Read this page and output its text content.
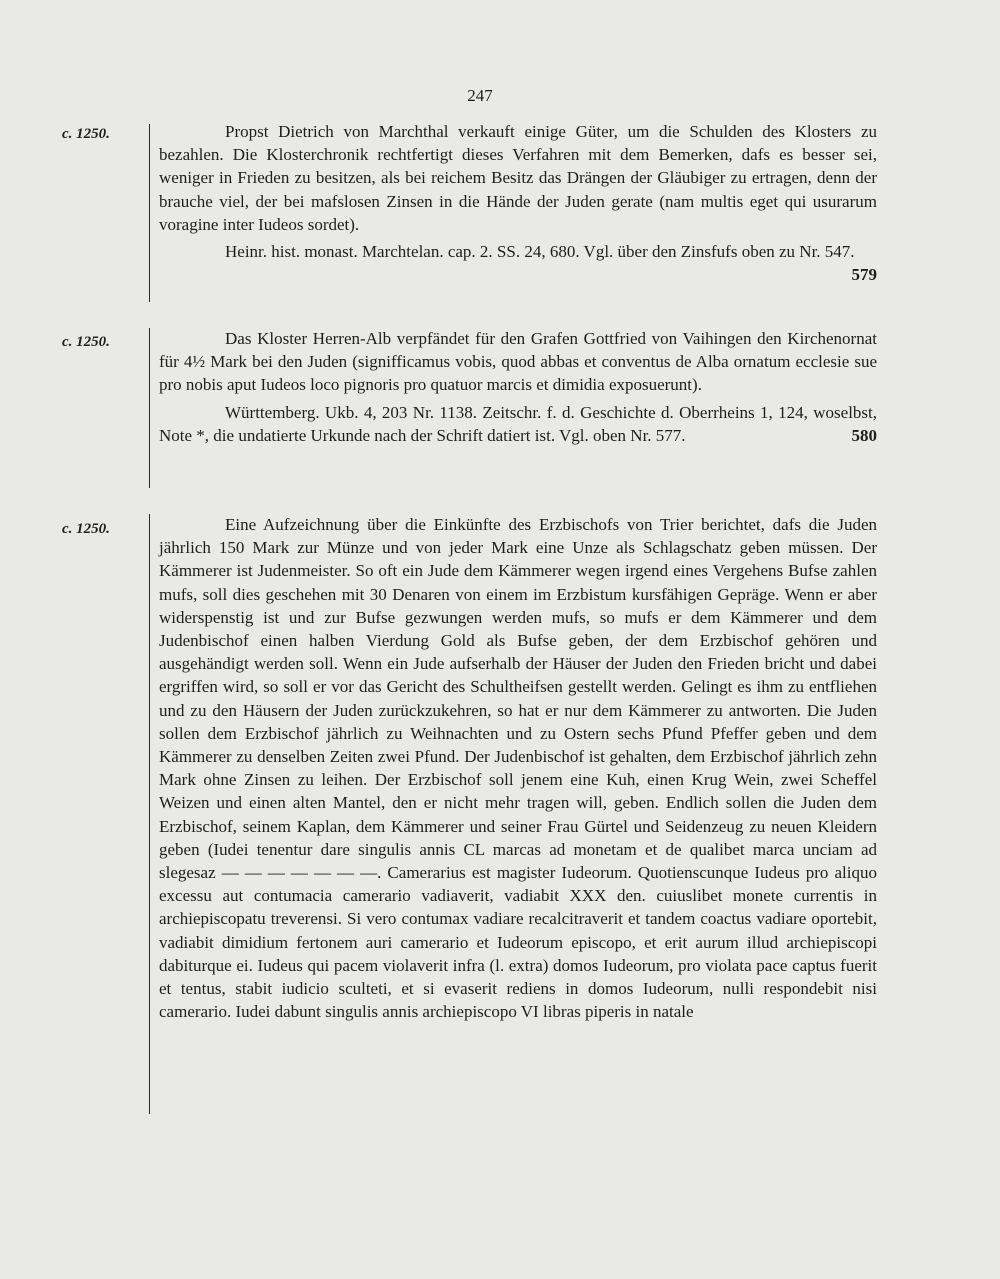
247
c. 1250.	Propst Dietrich von Marchthal verkauft einige Güter, um die Schulden des Klosters zu bezahlen. Die Klosterchronik rechtfertigt dieses Verfahren mit dem Bemerken, dafs es besser sei, weniger in Frieden zu besitzen, als bei reichem Besitz das Drängen der Gläubiger zu ertragen, denn der brauche viel, der bei mafslosen Zinsen in die Hände der Juden gerate (nam multis eget qui usurarum voragine inter Iudeos sordet).

Heinr. hist. monast. Marchtelan. cap. 2. SS. 24, 680. Vgl. über den Zinsfufs oben zu Nr. 547.
579

c. 1250.	Das Kloster Herren-Alb verpfändet für den Grafen Gottfried von Vaihingen den Kirchenornat für 4½ Mark bei den Juden (signifficamus vobis, quod abbas et conventus de Alba ornatum ecclesie sue pro nobis aput Iudeos loco pignoris pro quatuor marcis et dimidia exposuerunt).

Württemberg. Ukb. 4, 203 Nr. 1138. Zeitschr. f. d. Geschichte d. Oberrheins 1, 124, woselbst, Note *, die undatierte Urkunde nach der Schrift datiert ist. Vgl. oben Nr. 577.	580

c. 1250.	Eine Aufzeichnung über die Einkünfte des Erzbischofs von Trier berichtet, dafs die Juden jährlich 150 Mark zur Münze und von jeder Mark eine Unze als Schlagschatz geben müssen. Der Kämmerer ist Judenmeister. So oft ein Jude dem Kämmerer wegen irgend eines Vergehens Bufse zahlen mufs, soll dies geschehen mit 30 Denaren von einem im Erzbistum kursfähigen Gepräge. Wenn er aber widerspenstig ist und zur Bufse gezwungen werden mufs, so mufs er dem Kämmerer und dem Judenbischof einen halben Vierdung Gold als Bufse geben, der dem Erzbischof gehören und ausgehändigt werden soll. Wenn ein Jude aufserhalb der Häuser der Juden den Frieden bricht und dabei ergriffen wird, so soll er vor das Gericht des Schultheifsen gestellt werden. Gelingt es ihm zu entfliehen und zu den Häusern der Juden zurückzukehren, so hat er nur dem Kämmerer zu antworten. Die Juden sollen dem Erzbischof jährlich zu Weihnachten und zu Ostern sechs Pfund Pfeffer geben und dem Kämmerer zu denselben Zeiten zwei Pfund. Der Judenbischof ist gehalten, dem Erzbischof jährlich zehn Mark ohne Zinsen zu leihen. Der Erzbischof soll jenem eine Kuh, einen Krug Wein, zwei Scheffel Weizen und einen alten Mantel, den er nicht mehr tragen will, geben. Endlich sollen die Juden dem Erzbischof, seinem Kaplan, dem Kämmerer und seiner Frau Gürtel und Seidenzeug zu neuen Kleidern geben (Iudei tenentur dare singulis annis CL marcas ad monetam et de qualibet marca unciam ad slegesaz — — — — — — —. Camerarius est magister Iudeorum. Quotienscunque Iudeus pro aliquo excessu aut contumacia camerario vadiaverit, vadiabit XXX den. cuiuslibet monete currentis in archiepiscopatu treverensi. Si vero contumax vadiare recalcitraverit et tandem coactus vadiare oportebit, vadiabit dimidium fertonem auri camerario et Iudeorum episcopo, et erit aurum illud archiepiscopi dabiturque ei. Iudeus qui pacem violaverit infra (l. extra) domos Iudeorum, pro violata pace captus fuerit et tentus, stabit iudicio sculteti, et si evaserit rediens in domos Iudeorum, nulli respondebit nisi camerario. Iudei dabunt singulis annis archiepiscopo VI libras piperis in natale
